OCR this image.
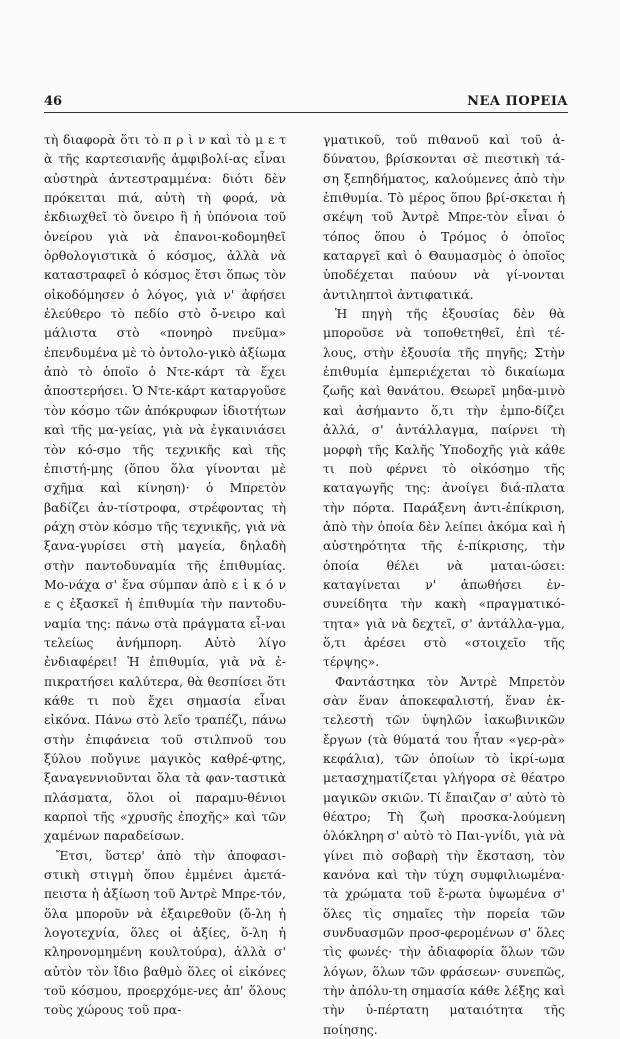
46	ΝΕΑ ΠΟΡΕΙΑ

τὴ διαφορὰ ὅτι τὸ π ρ ὶ ν καὶ τὸ μ ε τ ὰ τῆς καρτεσιανῆς ἀμφιβολί-ας εἶναι αὐστηρὰ ἀντεστραμμένα: διότι δὲν πρόκειται πιά, αὐτὴ τὴ φορά, νὰ ἐκδιωχθεῖ τὸ ὄνειρο ἢ ἡ ὑπόνοια τοῦ ὀνείρου γιὰ νὰ ἐπανοι-κοδομηθεῖ ὀρθολογιστικὰ ὁ κόσμος, ἀλλὰ νὰ καταστραφεῖ ὁ κόσμος ἔτσι ὅπως τὸν οἰκοδόμησεν ὁ λόγος, γιὰ ν' ἀφήσει ἐλεύθερο τὸ πεδίο στὸ ὄ-νειρο καὶ μάλιστα στὸ «πονηρὸ πνεῦμα» ἐπενδυμένα μὲ τὸ ὀντολο-γικὸ ἀξίωμα ἀπὸ τὸ ὁποῖο ὁ Ντε-κάρτ τὰ ἔχει ἀποστερήσει. Ὁ Ντε-κάρτ καταργοῦσε τὸν κόσμο τῶν ἀπόκρυφων ἰδιοτήτων καὶ τῆς μα-γείας, γιὰ νὰ ἐγκαινιάσει τὸν κό-σμο τῆς τεχνικῆς καὶ τῆς ἐπιστή-μης (ὅπου ὅλα γίνονται μὲ σχῆμα καὶ κίνηση)· ὁ Μπρετὸν βαδίζει ἀν-τίστροφα, στρέφοντας τὴ ράχη στὸν κόσμο τῆς τεχνικῆς, γιὰ νὰ ξανα-γυρίσει στὴ μαγεία, δηλαδὴ στὴν παντοδυναμία τῆς ἐπιθυμίας. Μο-νάχα σ' ἕνα σύμπαν ἀπὸ ε ἰ κ ό ν ε ς ἐξασκεῖ ἡ ἐπιθυμία τὴν παντοδυ-ναμία της: πάνω στὰ πράγματα εἶ-ναι τελείως ἀνήμπορη. Αὐτὸ λίγο ἐνδιαφέρει! Ἡ ἐπιθυμία, γιὰ νὰ ἐ-πικρατήσει καλύτερα, θὰ θεσπίσει ὅτι κάθε τι ποὺ ἔχει σημασία εἶναι εἰκόνα. Πάνω στὸ λεῖο τραπέζι, πάνω στὴν ἐπιφάνεια τοῦ στιλπνοῦ του ξύλου ποὔγινε μαγικὸς καθρέ-φτης, ξαναγεννιοῦνται ὅλα τὰ φαν-ταστικὰ πλάσματα, ὅλοι οἱ παραμυ-θένιοι καρποὶ τῆς «χρυσῆς ἐποχῆς» καὶ τῶν χαμένων παραδείσων.

Ἔτσι, ὕστερ' ἀπὸ τὴν ἀποφασι-στικὴ στιγμὴ ὅπου ἐμμένει ἀμετά-πειστα ἡ ἀξίωση τοῦ Ἀντρὲ Μπρε-τόν, ὅλα μποροῦν νὰ ἐξαιρεθοῦν (ὅ-λη ἡ λογοτεχνία, ὅλες οἱ ἀξίες, ὅ-λη ἡ κληρονομημένη κουλτούρα), ἀλλὰ σ' αὐτὸν τὸν ἴδιο βαθμὸ ὅλες οἱ εἰκόνες τοῦ κόσμου, προερχόμε-νες ἀπ' ὅλους τοὺς χώρους τοῦ πρα-

γματικοῦ, τοῦ πιθανοῦ καὶ τοῦ ἀ-δύνατου, βρίσκονται σὲ πιεστικὴ τά-ση ξεπηδήματος, καλούμενες ἀπὸ τὴν ἐπιθυμία. Τὸ μέρος ὅπου βρί-σκεται ἡ σκέψη τοῦ Ἀντρὲ Μπρε-τὸν εἶναι ὁ τόπος ὅπου ὁ Τρόμος ὁ ὁποῖος καταργεῖ καὶ ὁ Θαυμασμὸς ὁ ὁποῖος ὑποδέχεται παύουν νὰ γί-νονται ἀντιληπτοὶ ἀντιφατικά.

Ἡ πηγὴ τῆς ἐξουσίας δὲν θὰ μποροῦσε νὰ τοποθετηθεῖ, ἐπὶ τέ-λους, στὴν ἐξουσία τῆς πηγῆς; Στὴν ἐπιθυμία ἐμπεριέχεται τὸ δικαίωμα ζωῆς καὶ θανάτου. Θεωρεῖ μηδα-μινὸ καὶ ἀσήμαντο ὅ,τι τὴν ἐμπο-δίζει ἀλλά, σ' ἀντάλλαγμα, παίρνει τὴ μορφὴ τῆς Καλῆς Ὑποδοχῆς γιὰ κάθε τι ποὺ φέρνει τὸ οἰκόσημο τῆς καταγωγῆς της: ἀνοίγει διά-πλατα τὴν πόρτα. Παράξενη ἀντι-ἐπίκριση, ἀπὸ τὴν ὁποία δὲν λείπει ἀκόμα καὶ ἡ αὐστηρότητα τῆς ἐ-πίκρισης, τὴν ὁποία θέλει νὰ μαται-ώσει: καταγίνεται ν' ἀπωθήσει ἐν-συνείδητα τὴν κακὴ «πραγματικό-τητα» γιὰ νὰ δεχτεῖ, σ' ἀντάλλα-γμα, ὅ,τι ἀρέσει στὸ «στοιχεῖο τῆς τέρψης».

Φαντάστηκα τὸν Ἀντρὲ Μπρετὸν σὰν ἕναν ἀποκεφαλιστή, ἕναν ἐκ-τελεστὴ τῶν ὑψηλῶν ἰακωβινικῶν ἔργων (τὰ θύματά του ἦταν «γερ-ρὰ» κεφάλια), τῶν ὁποίων τὸ ἰκρί-ωμα μετασχηματίζεται γλήγορα σὲ θέατρο μαγικῶν σκιῶν. Τί ἔπαιζαν σ' αὐτὸ τὸ θέατρο; Τὴ ζωὴ προσκα-λούμενη ὁλόκληρη σ' αὐτὸ τὸ Παι-γνίδι, γιὰ νὰ γίνει πιὸ σοβαρὴ τὴν ἔκσταση, τὸν κανόνα καὶ τὴν τύχη συμφιλιωμένα· τὰ χρώματα τοῦ ἔ-ρωτα ὑψωμένα σ' ὅλες τὶς σημαῖες τὴν πορεία τῶν συνδυασμῶν προσ-φερομένων σ' ὅλες τὶς φωνές· τὴν ἀδιαφορία ὅλων τῶν λόγων, ὅλων τῶν φράσεων· συνεπῶς, τὴν ἀπόλυ-τη σημασία κάθε λέξης καὶ τὴν ὑ-πέρτατη ματαιότητα τῆς ποίησης.
